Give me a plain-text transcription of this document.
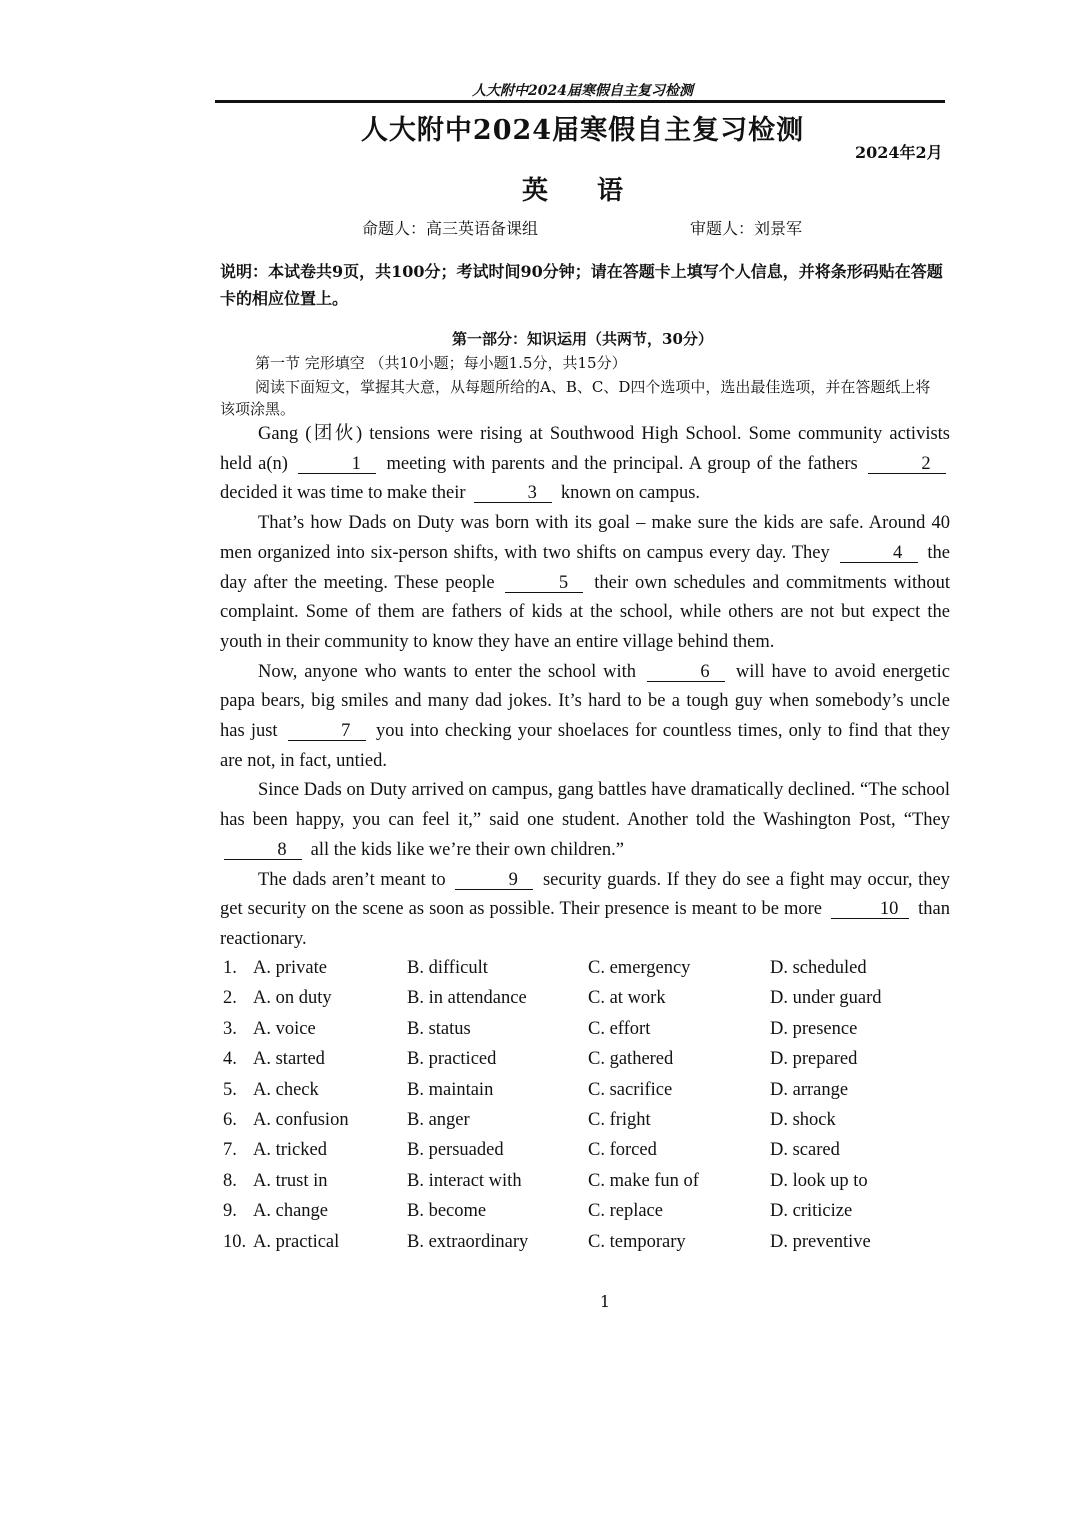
人大附中2024届寒假自主复习检测
人大附中2024届寒假自主复习检测
2024年2月
英 语
命题人：高三英语备课组	审题人：刘景军
说明：本试卷共9页，共100分；考试时间90分钟；请在答题卡上填写个人信息，并将条形码贴在答题卡的相应位置上。
第一部分：知识运用（共两节，30分）
第一节 完形填空 （共10小题；每小题1.5分，共15分）
阅读下面短文，掌握其大意，从每题所给的A、B、C、D四个选项中，选出最佳选项，并在答题纸上将该项涂黑。

Gang (团伙) tensions were rising at Southwood High School. Some community activists held a(n)	1 meeting with parents and the principal. A group of the fathers	2 decided it was time to make their	3 known on campus.

That’s how Dads on Duty was born with its goal – make sure the kids are safe. Around 40 men organized into six-person shifts, with two shifts on campus every day. They	4 the day after the meeting. These people	5 their own schedules and commitments without complaint. Some of them are fathers of kids at the school, while others are not but expect the youth in their community to know they have an entire village behind them.

Now, anyone who wants to enter the school with	6 will have to avoid energetic papa bears, big smiles and many dad jokes. It’s hard to be a tough guy when somebody’s uncle has just	7 you into checking your shoelaces for countless times, only to find that they are not, in fact, untied.

Since Dads on Duty arrived on campus, gang battles have dramatically declined. “The school has been happy, you can feel it,” said one student. Another told the Washington Post, “They 8 all the kids like we’re their own children.”

The dads aren’t meant to	9 security guards. If they do see a fight may occur, they get security on the scene as soon as possible. Their presence is meant to be more	10 than reactionary.

1. A. private	B. difficult	C. emergency	D. scheduled
2. A. on duty	B. in attendance	C. at work	D. under guard
3. A. voice	B. status	C. effort	D. presence
4. A. started	B. practiced	C. gathered	D. prepared
5. A. check	B. maintain	C. sacrifice	D. arrange
6. A. confusion	B. anger	C. fright	D. shock
7. A. tricked	B. persuaded	C. forced	D. scared
8. A. trust in	B. interact with	C. make fun of	D. look up to
9. A. change	B. become	C. replace	D. criticize
10. A. practical	B. extraordinary	C. temporary	D. preventive
1
